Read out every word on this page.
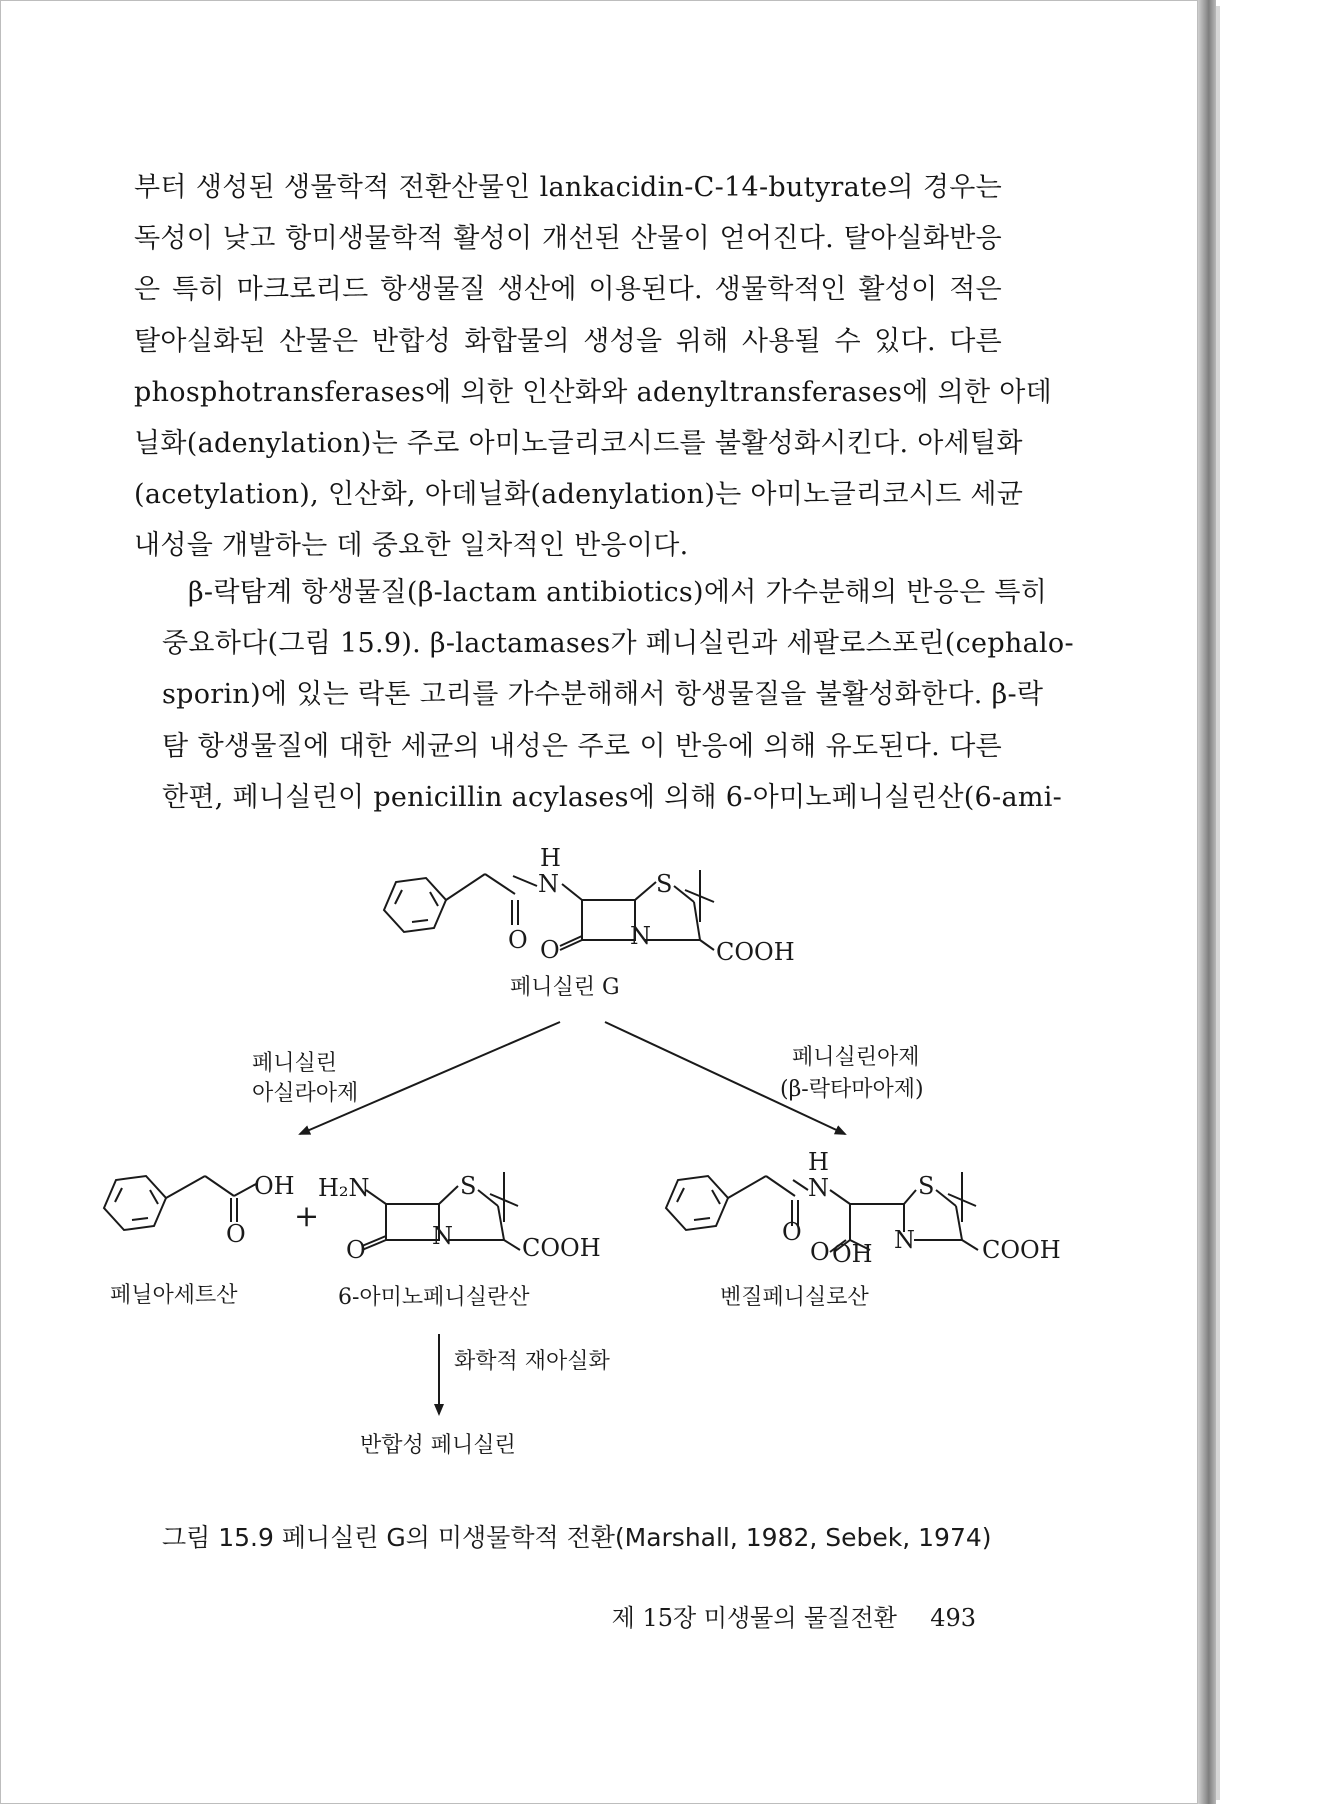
부터 생성된 생물학적 전환산물인 lankacidin-C-14-butyrate의 경우는
독성이 낮고 항미생물학적 활성이 개선된 산물이 얻어진다. 탈아실화반응
은 특히 마크로리드 항생물질 생산에 이용된다. 생물학적인 활성이 적은
탈아실화된 산물은 반합성 화합물의 생성을 위해 사용될 수 있다. 다른
phosphotransferases에 의한 인산화와 adenyltransferases에 의한 아데
닐화(adenylation)는 주로 아미노글리코시드를 불활성화시킨다. 아세틸화
(acetylation), 인산화, 아데닐화(adenylation)는 아미노글리코시드 세균
내성을 개발하는 데 중요한 일차적인 반응이다.
β-락탐계 항생물질(β-lactam antibiotics)에서 가수분해의 반응은 특히
중요하다(그림 15.9). β-lactamases가 페니실린과 세팔로스포린(cephalo-
sporin)에 있는 락톤 고리를 가수분해해서 항생물질을 불활성화한다. β-락
탐 항생물질에 대한 세균의 내성은 주로 이 반응에 의해 유도된다. 다른
한편, 페니실린이 penicillin acylases에 의해 6-아미노페니실린산(6-ami-
H
N	S
O O	N
COOH
OH
O +
H₂N	S
O	N	COOH
H
N	S
O
O OH N	COOH
페니실린 G
페니실린
아실라아제
페니실린아제
(β-락타마아제)
페닐아세트산	6-아미노페니실란산	벤질페니실로산
화학적 재아실화
반합성 페니실린
그림 15.9 페니실린 G의 미생물학적 전환(Marshall, 1982, Sebek, 1974)
제 15장 미생물의 물질전환 493
